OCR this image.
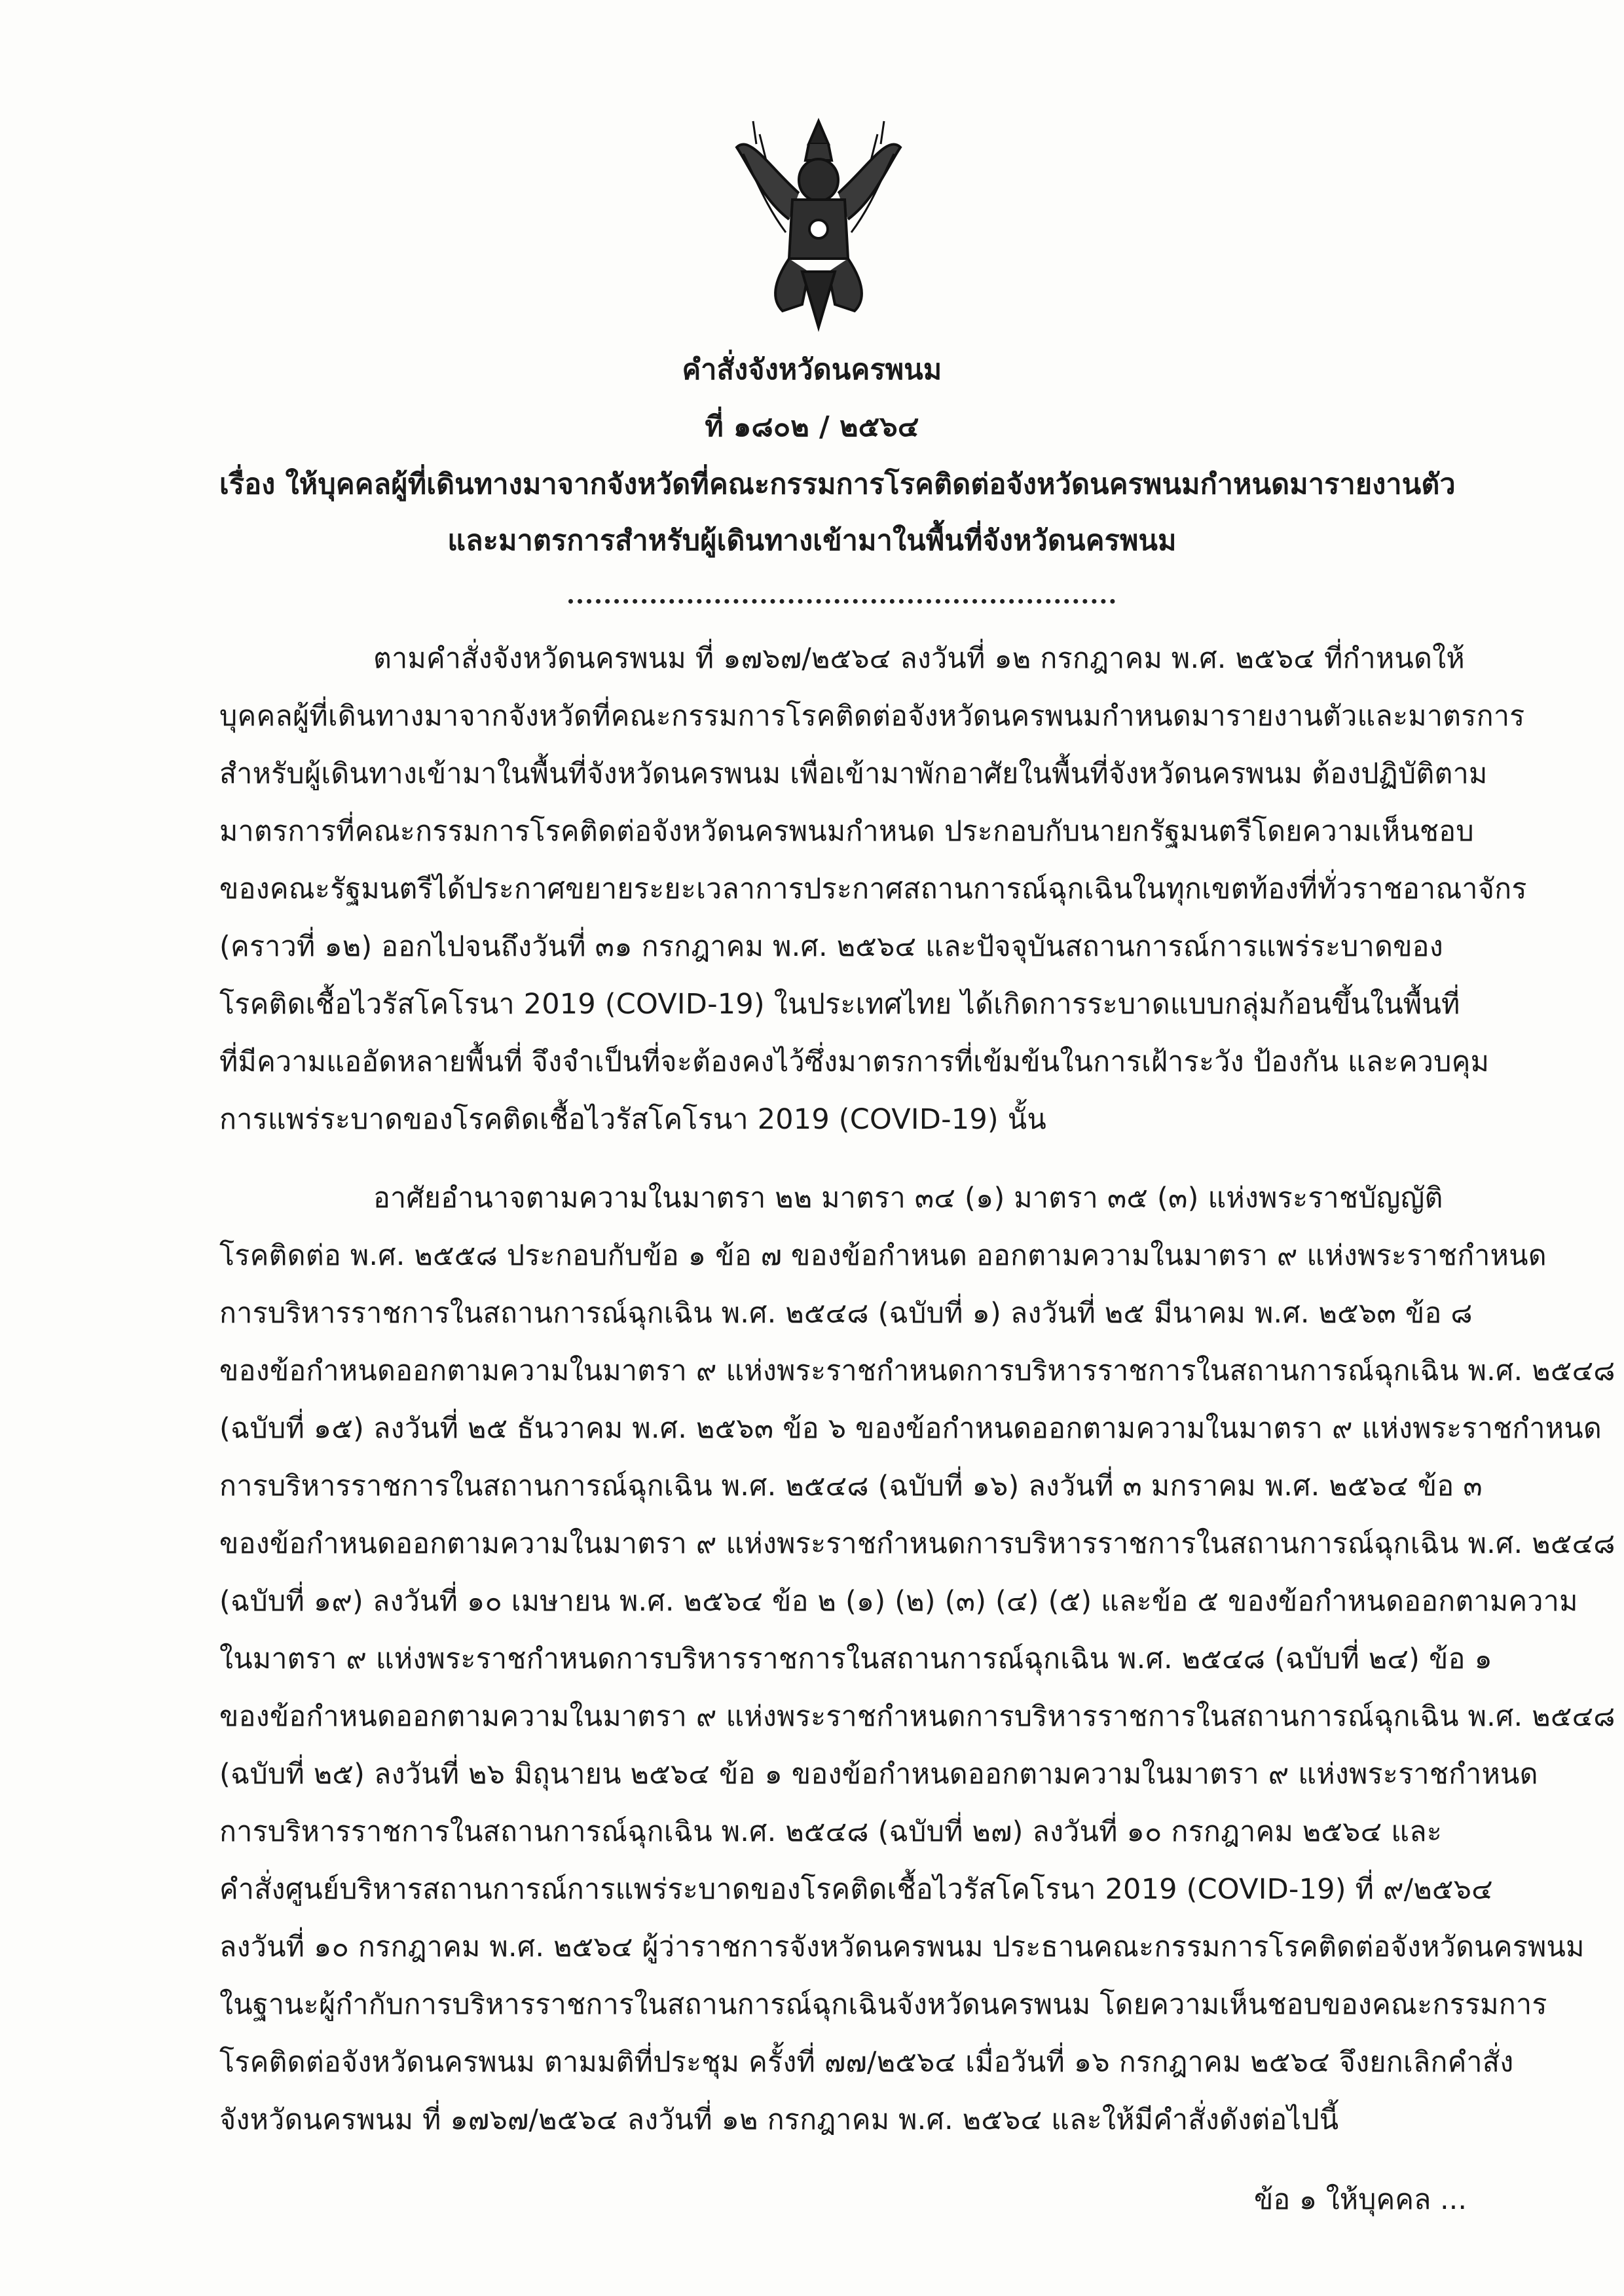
คำสั่งจังหวัดนครพนม
ที่ ๑๘๐๒ / ๒๕๖๔
เรื่อง ให้บุคคลผู้ที่เดินทางมาจากจังหวัดที่คณะกรรมการโรคติดต่อจังหวัดนครพนมกำหนดมารายงานตัว
และมาตรการสำหรับผู้เดินทางเข้ามาในพื้นที่จังหวัดนครพนม
ตามคำสั่งจังหวัดนครพนม ที่ ๑๗๖๗/๒๕๖๔ ลงวันที่ ๑๒ กรกฎาคม พ.ศ. ๒๕๖๔ ที่กำหนดให้
บุคคลผู้ที่เดินทางมาจากจังหวัดที่คณะกรรมการโรคติดต่อจังหวัดนครพนมกำหนดมารายงานตัวและมาตรการ
สำหรับผู้เดินทางเข้ามาในพื้นที่จังหวัดนครพนม เพื่อเข้ามาพักอาศัยในพื้นที่จังหวัดนครพนม ต้องปฏิบัติตาม
มาตรการที่คณะกรรมการโรคติดต่อจังหวัดนครพนมกำหนด ประกอบกับนายกรัฐมนตรีโดยความเห็นชอบ
ของคณะรัฐมนตรีได้ประกาศขยายระยะเวลาการประกาศสถานการณ์ฉุกเฉินในทุกเขตท้องที่ทั่วราชอาณาจักร
(คราวที่ ๑๒) ออกไปจนถึงวันที่ ๓๑ กรกฎาคม พ.ศ. ๒๕๖๔ และปัจจุบันสถานการณ์การแพร่ระบาดของ
โรคติดเชื้อไวรัสโคโรนา 2019 (COVID-19) ในประเทศไทย ได้เกิดการระบาดแบบกลุ่มก้อนขึ้นในพื้นที่
ที่มีความแออัดหลายพื้นที่ จึงจำเป็นที่จะต้องคงไว้ซึ่งมาตรการที่เข้มข้นในการเฝ้าระวัง ป้องกัน และควบคุม
การแพร่ระบาดของโรคติดเชื้อไวรัสโคโรนา 2019 (COVID-19) นั้น
อาศัยอำนาจตามความในมาตรา ๒๒ มาตรา ๓๔ (๑) มาตรา ๓๕ (๓) แห่งพระราชบัญญัติ
โรคติดต่อ พ.ศ. ๒๕๕๘ ประกอบกับข้อ ๑ ข้อ ๗ ของข้อกำหนด ออกตามความในมาตรา ๙ แห่งพระราชกำหนด
การบริหารราชการในสถานการณ์ฉุกเฉิน พ.ศ. ๒๕๔๘ (ฉบับที่ ๑) ลงวันที่ ๒๕ มีนาคม พ.ศ. ๒๕๖๓ ข้อ ๘
ของข้อกำหนดออกตามความในมาตรา ๙ แห่งพระราชกำหนดการบริหารราชการในสถานการณ์ฉุกเฉิน พ.ศ. ๒๕๔๘
(ฉบับที่ ๑๕) ลงวันที่ ๒๕ ธันวาคม พ.ศ. ๒๕๖๓ ข้อ ๖ ของข้อกำหนดออกตามความในมาตรา ๙ แห่งพระราชกำหนด
การบริหารราชการในสถานการณ์ฉุกเฉิน พ.ศ. ๒๕๔๘ (ฉบับที่ ๑๖) ลงวันที่ ๓ มกราคม พ.ศ. ๒๕๖๔ ข้อ ๓
ของข้อกำหนดออกตามความในมาตรา ๙ แห่งพระราชกำหนดการบริหารราชการในสถานการณ์ฉุกเฉิน พ.ศ. ๒๕๔๘
(ฉบับที่ ๑๙) ลงวันที่ ๑๐ เมษายน พ.ศ. ๒๕๖๔ ข้อ ๒ (๑) (๒) (๓) (๔) (๕) และข้อ ๕ ของข้อกำหนดออกตามความ
ในมาตรา ๙ แห่งพระราชกำหนดการบริหารราชการในสถานการณ์ฉุกเฉิน พ.ศ. ๒๕๔๘ (ฉบับที่ ๒๔) ข้อ ๑
ของข้อกำหนดออกตามความในมาตรา ๙ แห่งพระราชกำหนดการบริหารราชการในสถานการณ์ฉุกเฉิน พ.ศ. ๒๕๔๘
(ฉบับที่ ๒๕) ลงวันที่ ๒๖ มิถุนายน ๒๕๖๔ ข้อ ๑ ของข้อกำหนดออกตามความในมาตรา ๙ แห่งพระราชกำหนด
การบริหารราชการในสถานการณ์ฉุกเฉิน พ.ศ. ๒๕๔๘ (ฉบับที่ ๒๗) ลงวันที่ ๑๐ กรกฎาคม ๒๕๖๔ และ
คำสั่งศูนย์บริหารสถานการณ์การแพร่ระบาดของโรคติดเชื้อไวรัสโคโรนา 2019 (COVID-19) ที่ ๙/๒๕๖๔
ลงวันที่ ๑๐ กรกฎาคม พ.ศ. ๒๕๖๔ ผู้ว่าราชการจังหวัดนครพนม ประธานคณะกรรมการโรคติดต่อจังหวัดนครพนม
ในฐานะผู้กำกับการบริหารราชการในสถานการณ์ฉุกเฉินจังหวัดนครพนม โดยความเห็นชอบของคณะกรรมการ
โรคติดต่อจังหวัดนครพนม ตามมติที่ประชุม ครั้งที่ ๗๗/๒๕๖๔ เมื่อวันที่ ๑๖ กรกฎาคม ๒๕๖๔ จึงยกเลิกคำสั่ง
จังหวัดนครพนม ที่ ๑๗๖๗/๒๕๖๔ ลงวันที่ ๑๒ กรกฎาคม พ.ศ. ๒๕๖๔ และให้มีคำสั่งดังต่อไปนี้
ข้อ ๑ ให้บุคคล ...
